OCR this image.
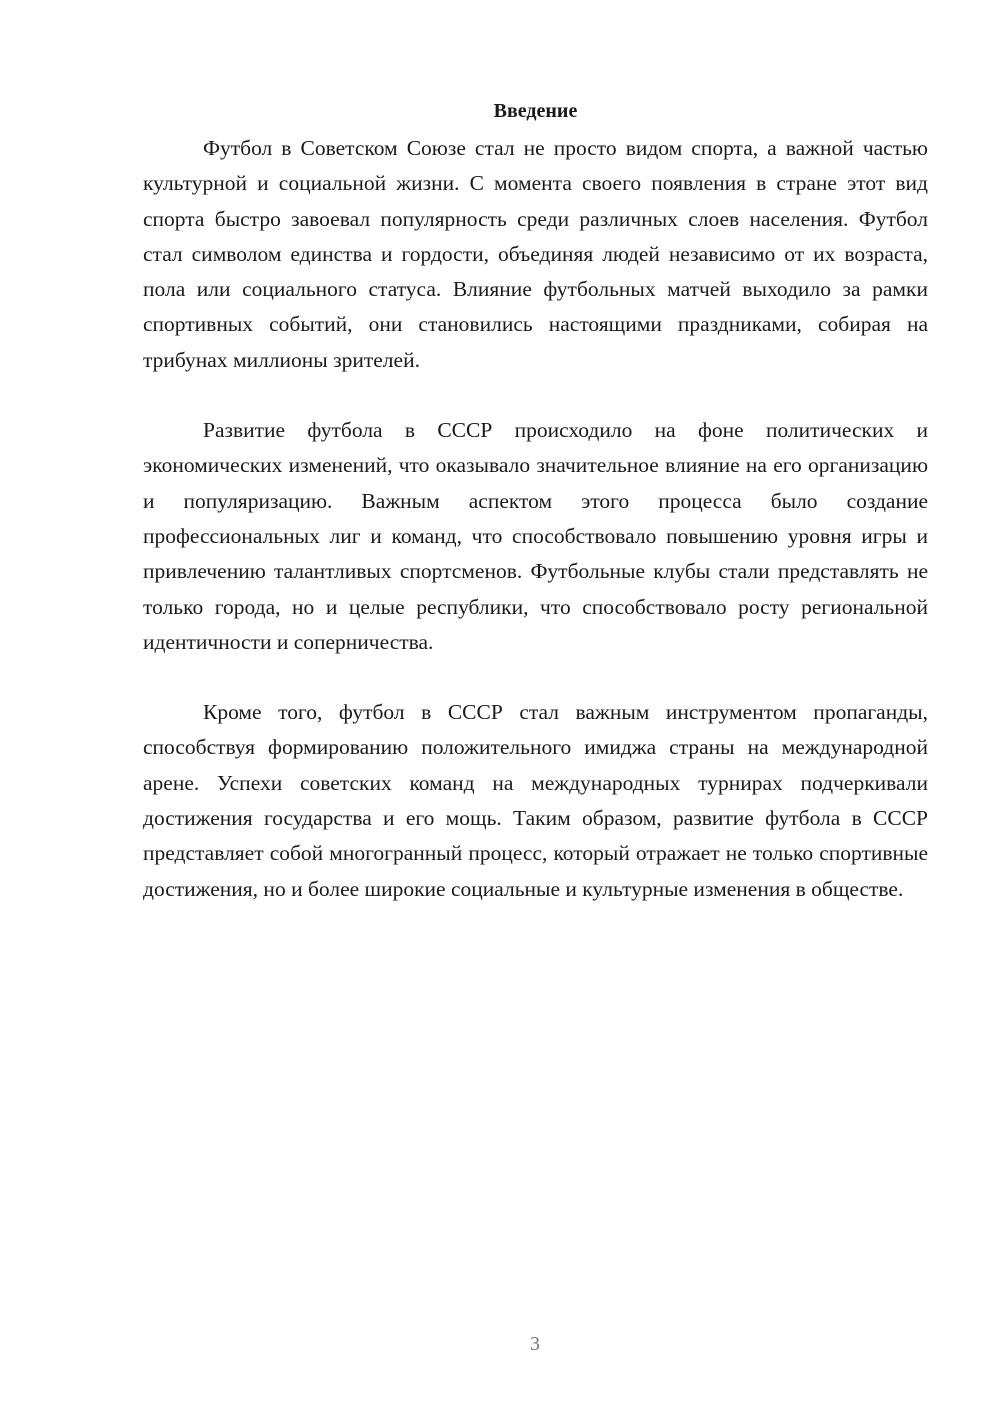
Введение

Футбол в Советском Союзе стал не просто видом спорта, а важной частью культурной и социальной жизни. С момента своего появления в стране этот вид спорта быстро завоевал популярность среди различных слоев населения. Футбол стал символом единства и гордости, объединяя людей независимо от их возраста, пола или социального статуса. Влияние футбольных матчей выходило за рамки спортивных событий, они становились настоящими праздниками, собирая на трибунах миллионы зрителей.

Развитие футбола в СССР происходило на фоне политических и экономических изменений, что оказывало значительное влияние на его организацию и популяризацию. Важным аспектом этого процесса было создание профессиональных лиг и команд, что способствовало повышению уровня игры и привлечению талантливых спортсменов. Футбольные клубы стали представлять не только города, но и целые республики, что способствовало росту региональной идентичности и соперничества.

Кроме того, футбол в СССР стал важным инструментом пропаганды, способствуя формированию положительного имиджа страны на международной арене. Успехи советских команд на международных турнирах подчеркивали достижения государства и его мощь. Таким образом, развитие футбола в СССР представляет собой многогранный процесс, который отражает не только спортивные достижения, но и более широкие социальные и культурные изменения в обществе.

3
